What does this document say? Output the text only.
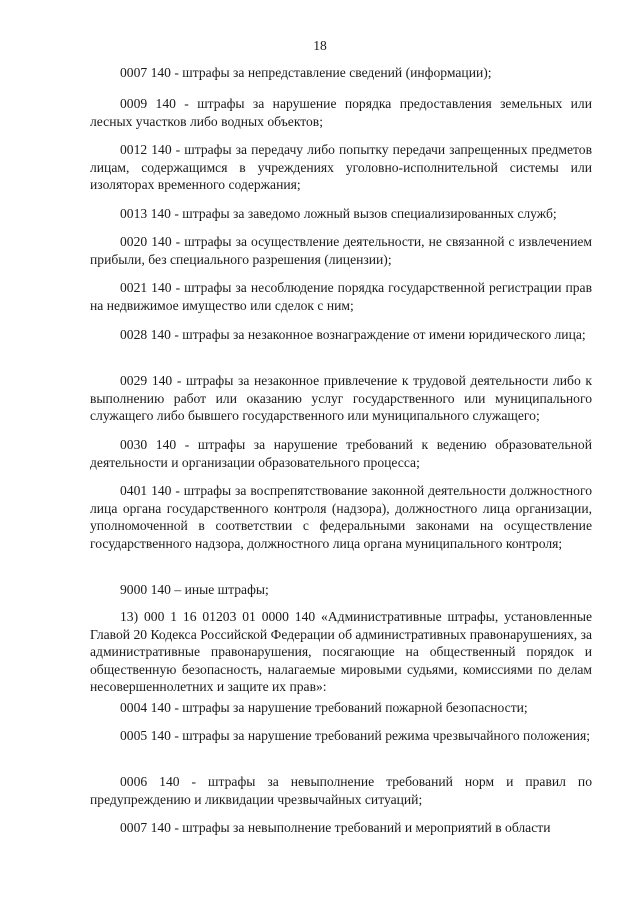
18

0007 140 - штрафы за непредставление сведений (информации);

0009 140 - штрафы за нарушение порядка предоставления земельных или лесных участков либо водных объектов;

0012 140 - штрафы за передачу либо попытку передачи запрещенных предметов лицам, содержащимся в учреждениях уголовно-исполнительной системы или изоляторах временного содержания;

0013 140 - штрафы за заведомо ложный вызов специализированных служб;

0020 140 - штрафы за осуществление деятельности, не связанной с извлечением прибыли, без специального разрешения (лицензии);

0021 140 - штрафы за несоблюдение порядка государственной регистрации прав на недвижимое имущество или сделок с ним;

0028 140 - штрафы за незаконное вознаграждение от имени юридического лица;

0029 140 - штрафы за незаконное привлечение к трудовой деятельности либо к выполнению работ или оказанию услуг государственного или муниципального служащего либо бывшего государственного или муниципального служащего;

0030 140 - штрафы за нарушение требований к ведению образовательной деятельности и организации образовательного процесса;

0401 140 - штрафы за воспрепятствование законной деятельности должностного лица органа государственного контроля (надзора), должностного лица организации, уполномоченной в соответствии с федеральными законами на осуществление государственного надзора, должностного лица органа муниципального контроля;

9000 140 – иные штрафы;

13) 000 1 16 01203 01 0000 140 «Административные штрафы, установленные Главой 20 Кодекса Российской Федерации об административных правонарушениях, за административные правонарушения, посягающие на общественный порядок и общественную безопасность, налагаемые мировыми судьями, комиссиями по делам несовершеннолетних и защите их прав»:

0004 140 - штрафы за нарушение требований пожарной безопасности;

0005 140 - штрафы за нарушение требований режима чрезвычайного положения;

0006 140 - штрафы за невыполнение требований норм и правил по предупреждению и ликвидации чрезвычайных ситуаций;

0007 140 - штрафы за невыполнение требований и мероприятий в области
